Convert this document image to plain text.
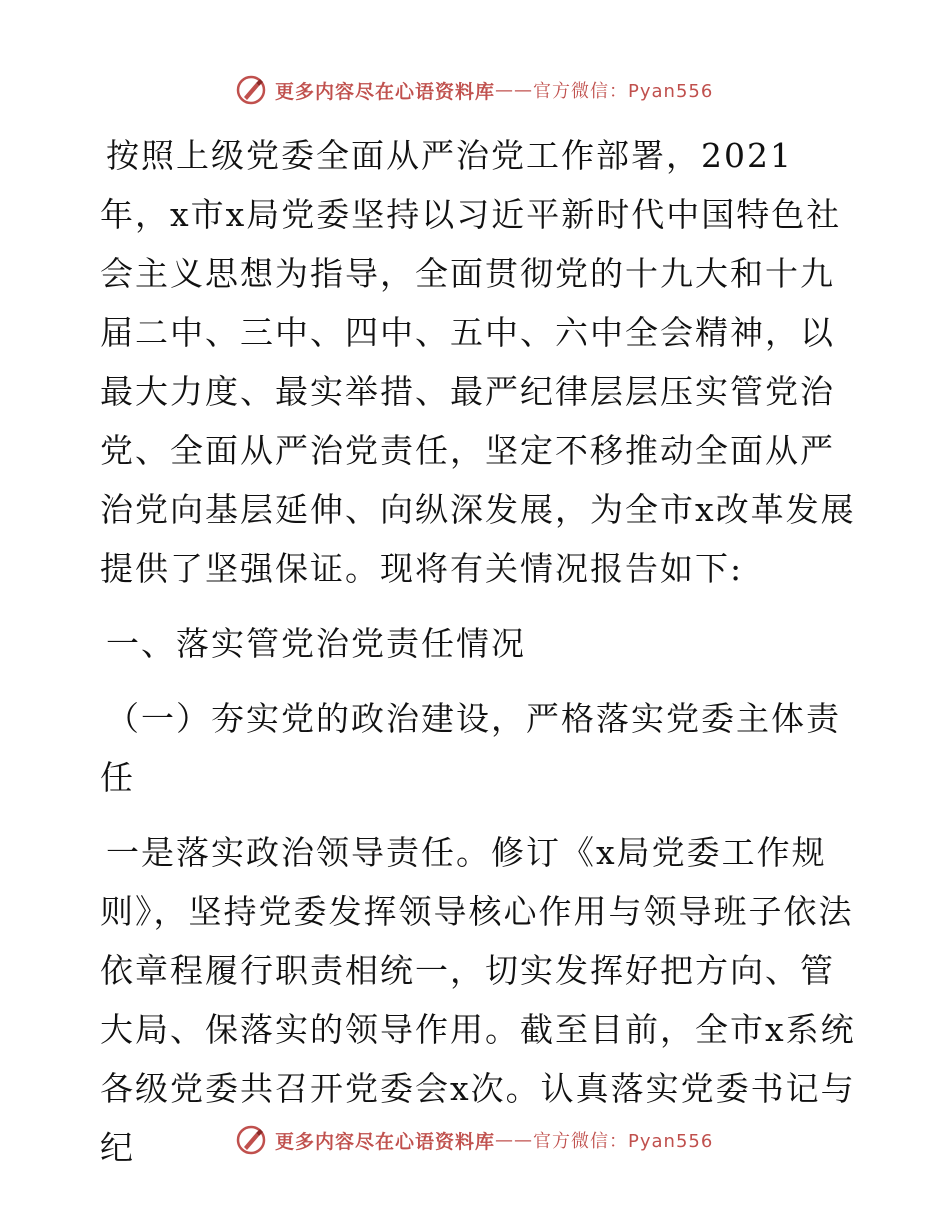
更多内容尽在心语资料库 —— 官方微信：Pyan556

按照上级党委全面从严治党工作部署，2021年，x市x局党委坚持以习近平新时代中国特色社会主义思想为指导，全面贯彻党的十九大和十九届二中、三中、四中、五中、六中全会精神，以最大力度、最实举措、最严纪律层层压实管党治党、全面从严治党责任，坚定不移推动全面从严治党向基层延伸、向纵深发展，为全市x改革发展提供了坚强保证。现将有关情况报告如下:

一、落实管党治党责任情况

（一）夯实党的政治建设，严格落实党委主体责任

一是落实政治领导责任。修订《x局党委工作规则》，坚持党委发挥领导核心作用与领导班子依法依章程履行职责相统一，切实发挥好把方向、管大局、保落实的领导作用。截至目前，全市x系统各级党委共召开党委会x次。认真落实党委书记与纪	更多内容尽在心语资料库 —— 官方微信：Pyan556
